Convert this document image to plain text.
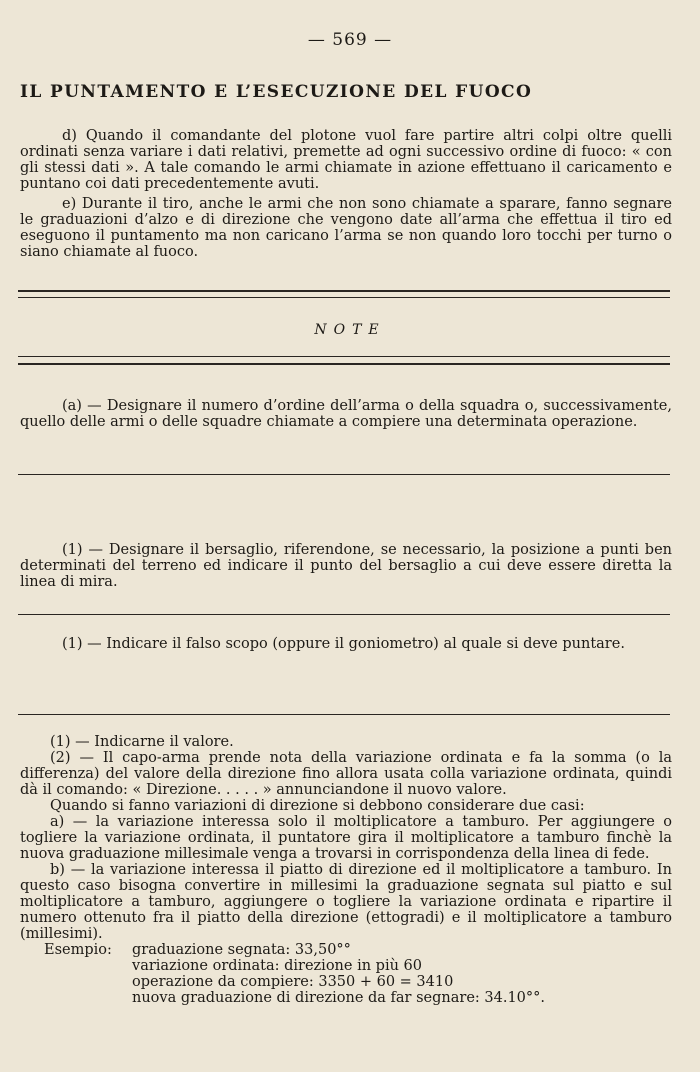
— 569 —
IL PUNTAMENTO E L’ESECUZIONE DEL FUOCO

d) Quando il comandante del plotone vuol fare partire altri colpi oltre quelli ordinati senza variare i dati relativi, premette ad ogni successivo ordine di fuoco: « con gli stessi dati ». A tale comando le armi chiamate in azione effettuano il caricamento e puntano coi dati precedentemente avuti.

e) Durante il tiro, anche le armi che non sono chiamate a sparare, fanno segnare le graduazioni d’alzo e di direzione che vengono date all’arma che effettua il tiro ed eseguono il puntamento ma non caricano l’arma se non quando loro tocchi per turno o siano chiamate al fuoco.

NOTE

(a) — Designare il numero d’ordine dell’arma o della squadra o, successivamente, quello delle armi o delle squadre chiamate a compiere una determinata operazione.

(1) — Designare il bersaglio, riferendone, se necessario, la posizione a punti ben determinati del terreno ed indicare il punto del bersaglio a cui deve essere diretta la linea di mira.

(1) — Indicare il falso scopo (oppure il goniometro) al quale si deve puntare.

(1) — Indicarne il valore.

(2) — Il capo-arma prende nota della variazione ordinata e fa la somma (o la differenza) del valore della direzione fino allora usata colla variazione ordinata, quindi dà il comando: « Direzione. . . . . » annunciandone il nuovo valore.

Quando si fanno variazioni di direzione si debbono considerare due casi:

a) — la variazione interessa solo il moltiplicatore a tamburo. Per aggiungere o togliere la variazione ordinata, il puntatore gira il moltiplicatore a tamburo finchè la nuova graduazione millesimale venga a trovarsi in corrispondenza della linea di fede.

b) — la variazione interessa il piatto di direzione ed il moltiplicatore a tamburo. In questo caso bisogna convertire in millesimi la graduazione segnata sul piatto e sul moltiplicatore a tamburo, aggiungere o togliere la variazione ordinata e ripartire il numero ottenuto fra il piatto della direzione (ettogradi) e il moltiplicatore a tamburo (millesimi).

Esempio: graduazione segnata: 33,50°°
variazione ordinata: direzione in più 60
operazione da compiere: 3350 + 60 = 3410
nuova graduazione di direzione da far segnare: 34.10°°.
